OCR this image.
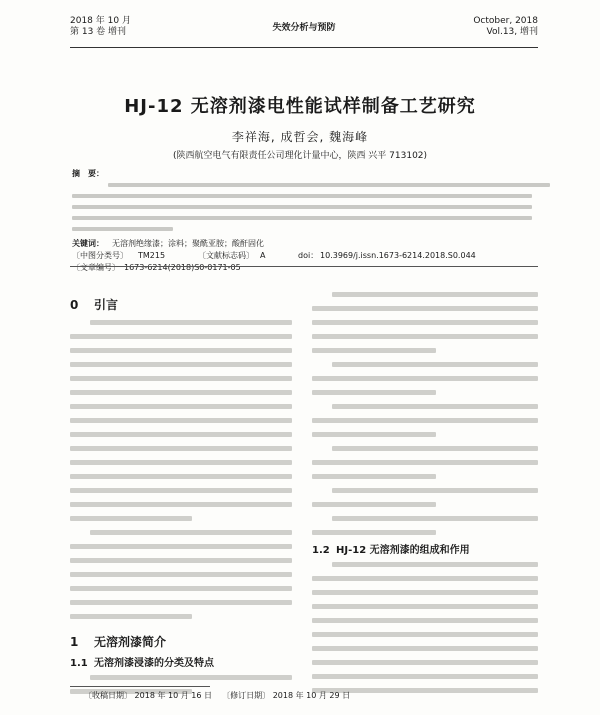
2018 年 10 月
第 13 卷 增刊	失效分析与预防
October, 2018
Vol.13, 增刊
HJ-12 无溶剂漆电性能试样制备工艺研究
李祥海, 成哲会, 魏海峰
(陕西航空电气有限责任公司理化计量中心，陕西 兴平 713102)
摘　要：
关键词： 无溶剂绝缘漆；涂料；聚酰亚胺；酸酐固化
〔中图分类号〕 TM215	〔文献标志码〕 A	doi： 10.3969/j.issn.1673-6214.2018.S0.044
〔文章编号〕 1673-6214(2018)S0-0171-05
0 引言
1 无溶剂漆简介
1.1 无溶剂漆浸漆的分类及特点
1.2 HJ-12 无溶剂漆的组成和作用
〔收稿日期〕 2018 年 10 月 16 日 〔修订日期〕 2018 年 10 月 29 日
